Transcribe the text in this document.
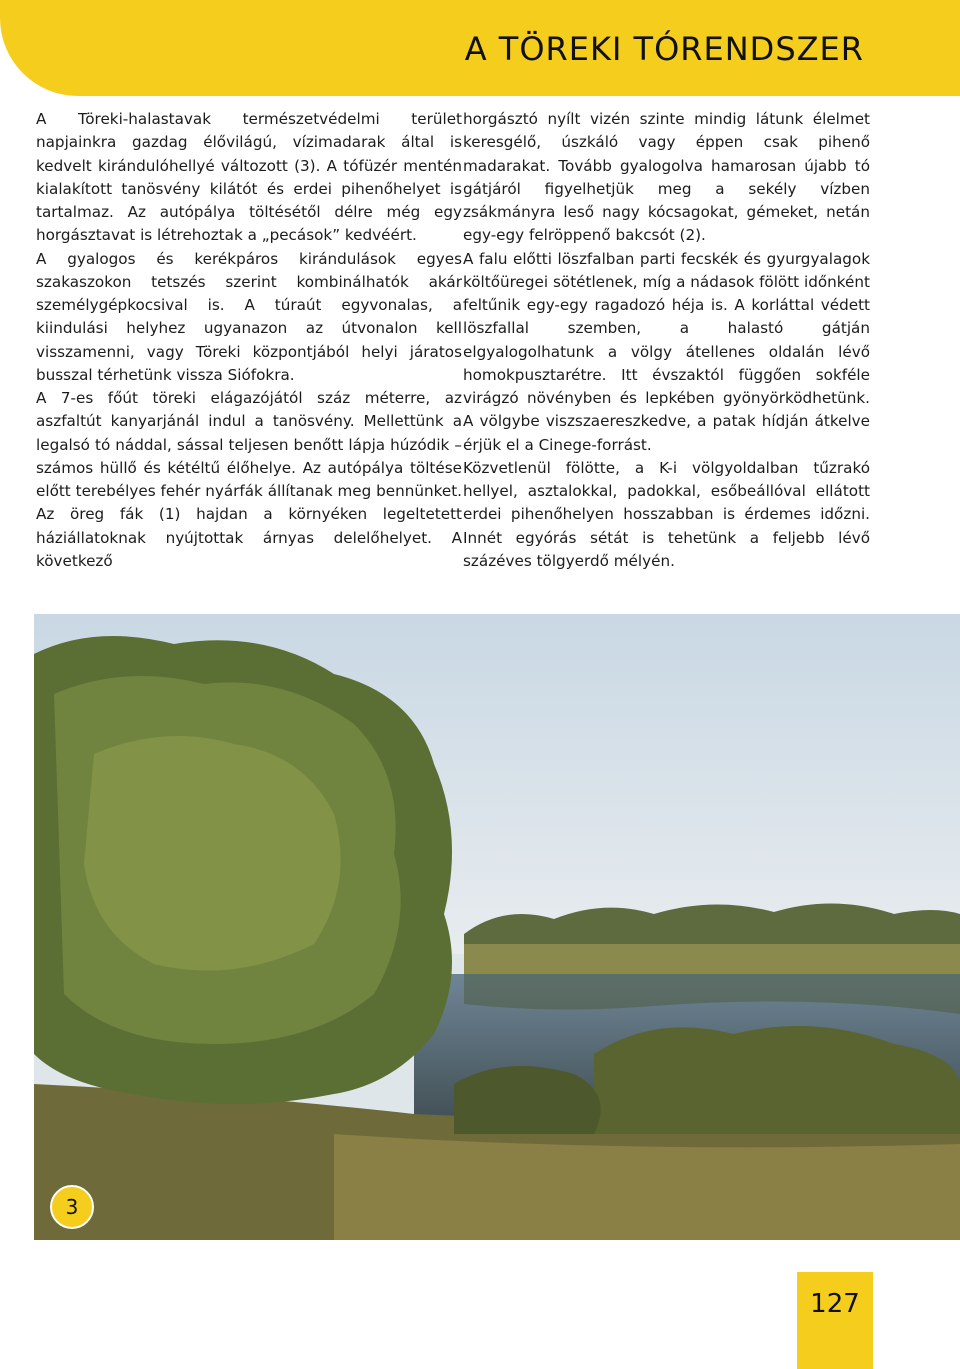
A TÖREKI TÓRENDSZER

A Töreki-halastavak természetvédelmi terület napjainkra gazdag élővilágú, vízimadarak által is kedvelt kirándulóhellyé változott (3). A tófüzér mentén kialakított tanösvény kilátót és erdei pihenőhelyet is tartalmaz. Az autópálya töltésétől délre még egy horgásztavat is létrehoztak a „pecások” kedvéért.

A gyalogos és kerékpáros kirándulások egyes szakaszokon tetszés szerint kombinálhatók akár személygépkocsival is. A túraút egyvonalas, a kiindulási helyhez ugyanazon az útvonalon kell visszamenni, vagy Töreki központjából helyi járatos busszal térhetünk vissza Siófokra.

A 7-es főút töreki elágazójától száz méterre, az aszfaltút kanyarjánál indul a tanösvény. Mellettünk a legalsó tó náddal, sással teljesen benőtt lápja húzódik – számos hüllő és kétéltű élőhelye. Az autópálya töltése előtt terebélyes fehér nyárfák állítanak meg bennünket. Az öreg fák (1) hajdan a környéken legeltetett háziállatoknak nyújtottak árnyas delelőhelyet. A következő

horgásztó nyílt vizén szinte mindig látunk élelmet keresgélő, úszkáló vagy éppen csak pihenő madarakat. Tovább gyalogolva hamarosan újabb tó gátjáról figyelhetjük meg a sekély vízben zsákmányra leső nagy kócsagokat, gémeket, netán egy-egy felröppenő bakcsót (2).

A falu előtti löszfalban parti fecskék és gyurgyalagok költőüregei sötétlenek, míg a nádasok fölött időnként feltűnik egy-egy ragadozó héja is. A korláttal védett löszfallal szemben, a halastó gátján elgyalogolhatunk a völgy átellenes oldalán lévő homokpusztarétre. Itt évszaktól függően sokféle virágzó növényben és lepkében gyönyörködhetünk. A völgybe viszszaereszkedve, a patak hídján átkelve érjük el a Cinege-forrást.

Közvetlenül fölötte, a K-i völgyoldalban tűzrakó hellyel, asztalokkal, padokkal, esőbeállóval ellátott erdei pihenőhelyen hosszabban is érdemes időzni. Innét egyórás sétát is tehetünk a feljebb lévő százéves tölgyerdő mélyén.

3
127
